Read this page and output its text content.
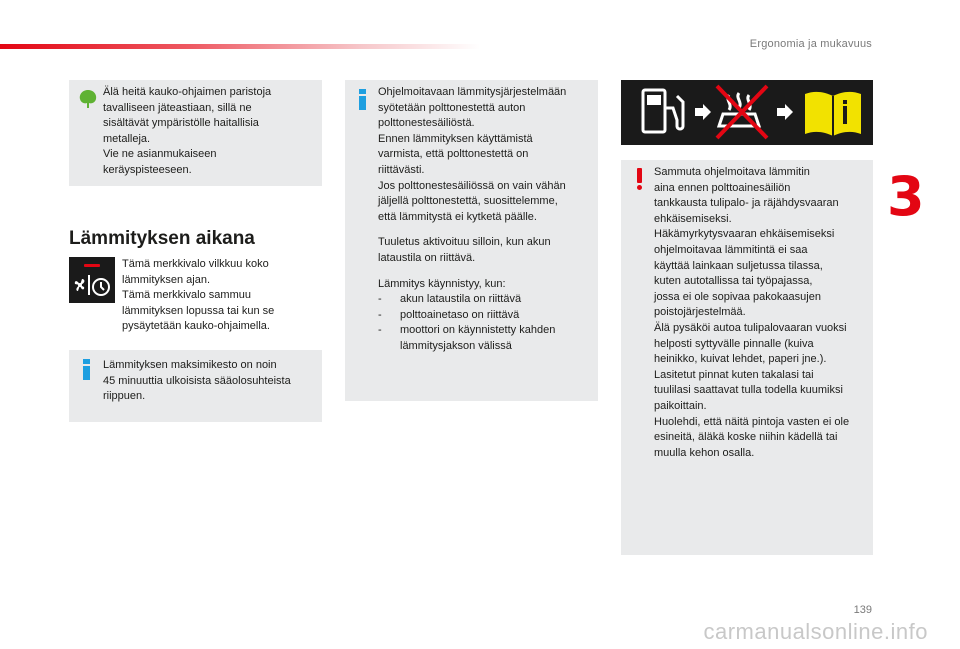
Ergonomia ja mukavuus
3

Älä heitä kauko-ohjaimen paristoja

tavalliseen jäteastiaan, sillä ne

sisältävät ympäristölle haitallisia

metalleja.

Vie ne asianmukaiseen

keräyspisteeseen.

Lämmityksen aikana

Tämä merkkivalo vilkkuu koko

lämmityksen ajan.

Tämä merkkivalo sammuu

lämmityksen lopussa tai kun se

pysäytetään kauko-ohjaimella.

Lämmityksen maksimikesto on noin

45 minuuttia ulkoisista sääolosuhteista

riippuen.

Ohjelmoitavaan lämmitysjärjestelmään

syötetään polttonestettä auton

polttonestesäiliöstä.

Ennen lämmityksen käyttämistä

varmista, että polttonestettä on

riittävästi.

Jos polttonestesäiliössä on vain vähän

jäljellä polttonestettä, suosittelemme,

että lämmitystä ei kytketä päälle.

Tuuletus aktivoituu silloin, kun akun

lataustila on riittävä.

Lämmitys käynnistyy, kun:

- akun lataustila on riittävä
- polttoainetaso on riittävä
- moottori on käynnistetty kahden lämmitysjakson välissä

Sammuta ohjelmoitava lämmitin

aina ennen polttoainesäiliön

tankkausta tulipalo- ja räjähdysvaaran

ehkäisemiseksi.

Häkämyrkytysvaaran ehkäisemiseksi

ohjelmoitavaa lämmitintä ei saa

käyttää lainkaan suljetussa tilassa,

kuten autotallissa tai työpajassa,

jossa ei ole sopivaa pakokaasujen

poistojärjestelmää.

Älä pysäköi autoa tulipalovaaran vuoksi

helposti syttyvälle pinnalle (kuiva

heinikko, kuivat lehdet, paperi jne.).

Lasitetut pinnat kuten takalasi tai

tuulilasi saattavat tulla todella kuumiksi

paikoittain.

Huolehdi, että näitä pintoja vasten ei ole

esineitä, äläkä koske niihin kädellä tai

muulla kehon osalla.

139
carmanualsonline.info
